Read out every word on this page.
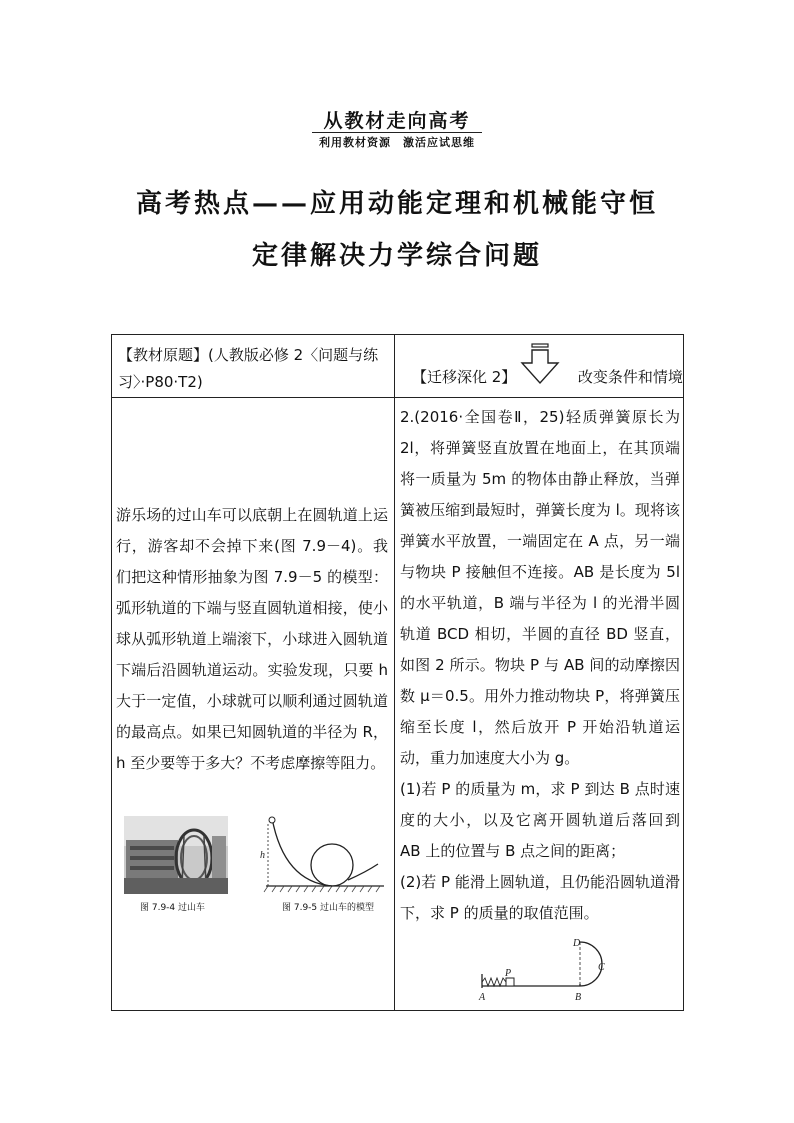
从教材走向高考
利用教材资源　激活应试思维
高考热点——应用动能定理和机械能守恒
定律解决力学综合问题
【教材原题】(人教版必修 2〈问题与练习〉·P80·T2)	【迁移深化 2】	改变条件和情境
游乐场的过山车可以底朝上在圆轨道上运行，游客却不会掉下来(图 7.9－4)。我们把这种情形抽象为图 7.9－5 的模型：弧形轨道的下端与竖直圆轨道相接，使小球从弧形轨道上端滚下，小球进入圆轨道下端后沿圆轨道运动。实验发现，只要 h 大于一定值，小球就可以顺利通过圆轨道的最高点。如果已知圆轨道的半径为 R，h 至少要等于多大？不考虑摩擦等阻力。
图 7.9-4 过山车
h
图 7.9-5 过山车的模型

2.(2016·全国卷Ⅱ，25)轻质弹簧原长为 2l，将弹簧竖直放置在地面上，在其顶端将一质量为 5m 的物体由静止释放，当弹簧被压缩到最短时，弹簧长度为 l。现将该弹簧水平放置，一端固定在 A 点，另一端与物块 P 接触但不连接。AB 是长度为 5l 的水平轨道，B 端与半径为 l 的光滑半圆轨道 BCD 相切，半圆的直径 BD 竖直，如图 2 所示。物块 P 与 AB 间的动摩擦因数 μ＝0.5。用外力推动物块 P，将弹簧压缩至长度 l，然后放开 P 开始沿轨道运动，重力加速度大小为 g。

(1)若 P 的质量为 m，求 P 到达 B 点时速度的大小，以及它离开圆轨道后落回到 AB 上的位置与 B 点之间的距离；

(2)若 P 能滑上圆轨道，且仍能沿圆轨道滑下，求 P 的质量的取值范围。

A	B
C
D
P
